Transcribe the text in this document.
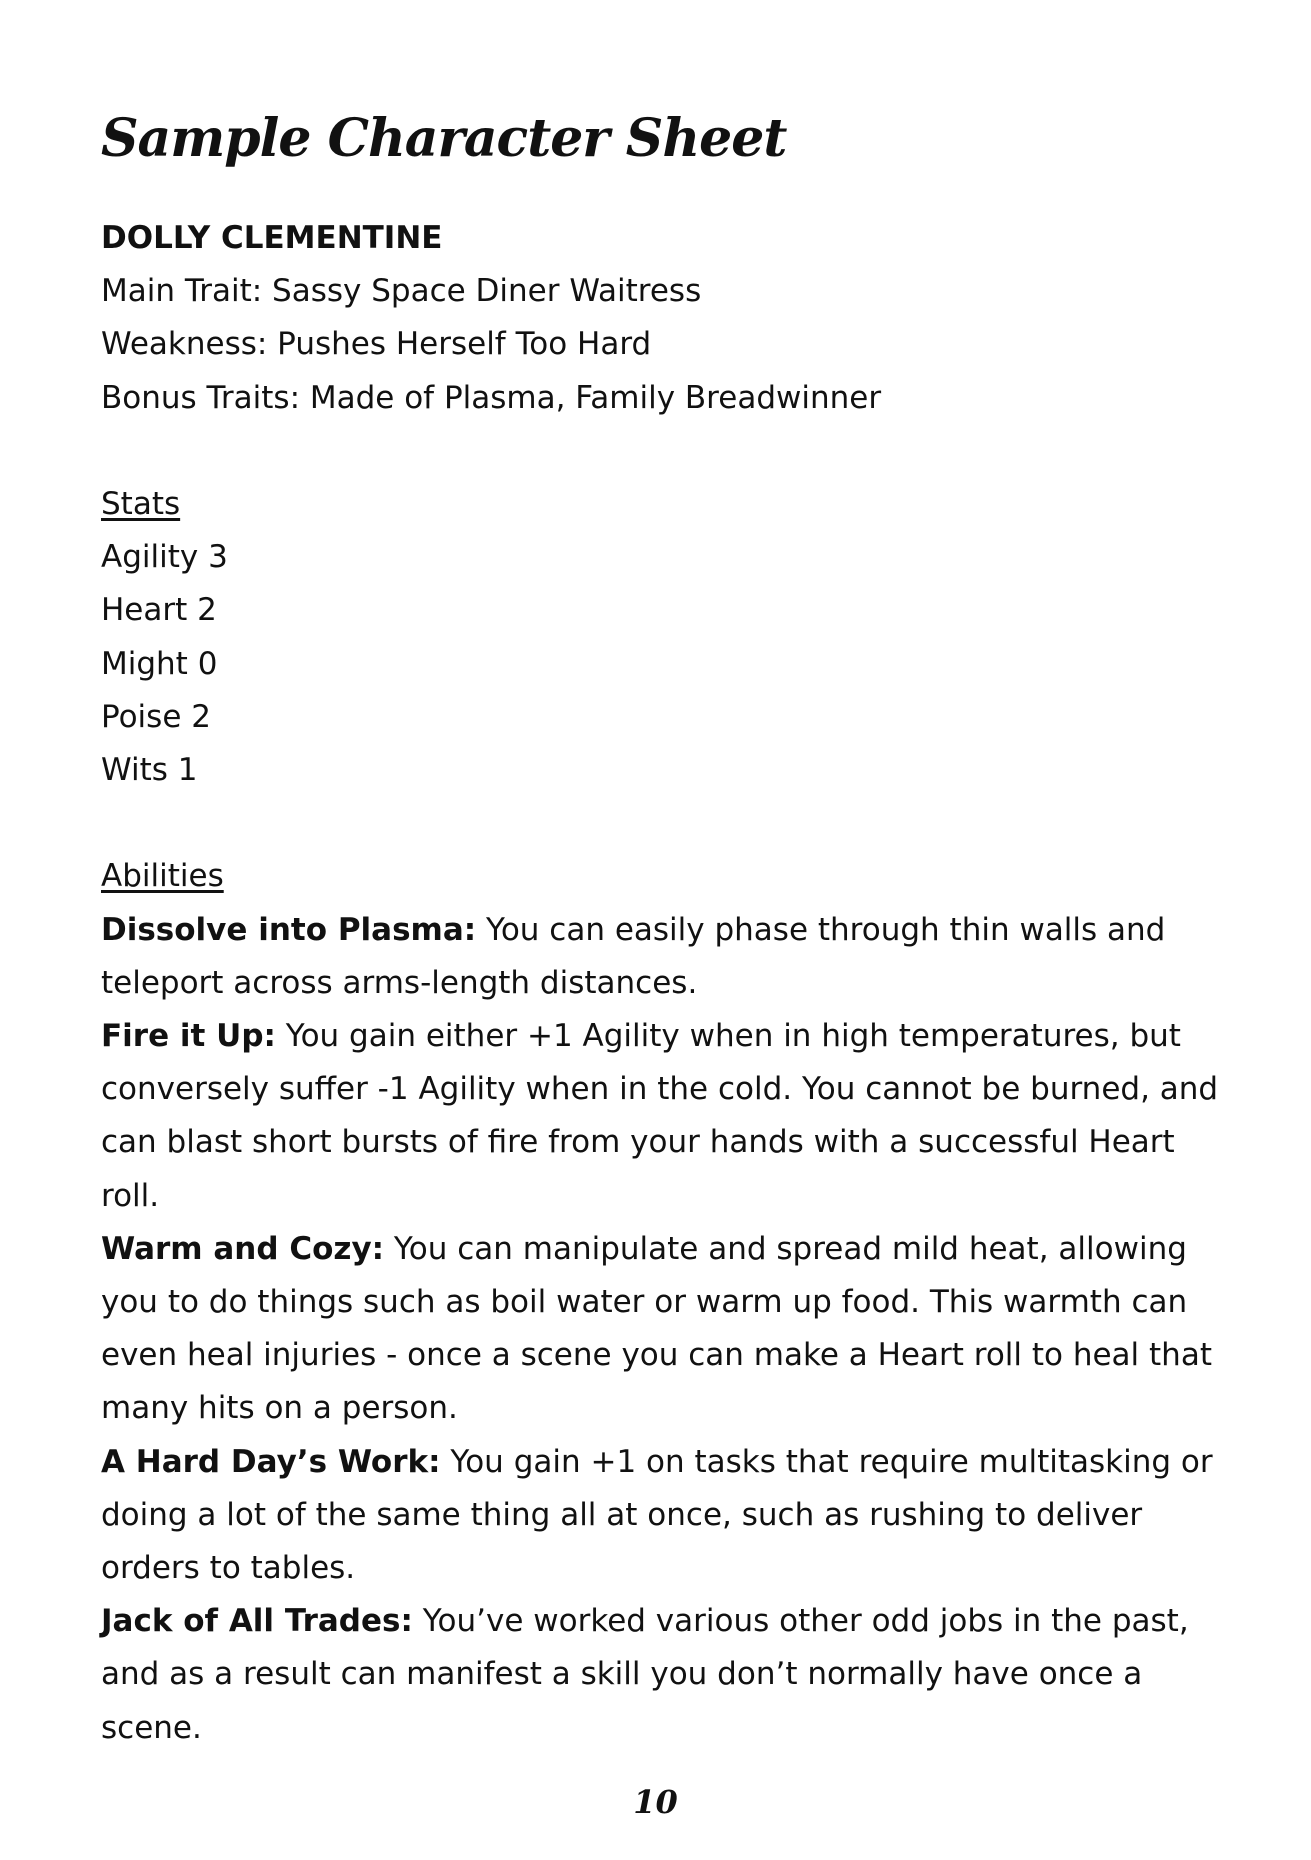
Sample Character Sheet
DOLLY CLEMENTINE
Main Trait: Sassy Space Diner Waitress
Weakness: Pushes Herself Too Hard
Bonus Traits: Made of Plasma, Family Breadwinner
Stats
Agility 3
Heart 2
Might 0
Poise 2
Wits 1
Abilities

Dissolve into Plasma: You can easily phase through thin walls and teleport across arms-length distances.

Fire it Up: You gain either +1 Agility when in high temperatures, but conversely suffer -1 Agility when in the cold. You cannot be burned, and can blast short bursts of fire from your hands with a successful Heart roll.

Warm and Cozy: You can manipulate and spread mild heat, allowing you to do things such as boil water or warm up food. This warmth can even heal injuries - once a scene you can make a Heart roll to heal that many hits on a person.

A Hard Day’s Work: You gain +1 on tasks that require multitasking or doing a lot of the same thing all at once, such as rushing to deliver orders to tables.

Jack of All Trades: You’ve worked various other odd jobs in the past, and as a result can manifest a skill you don’t normally have once a scene.

10
